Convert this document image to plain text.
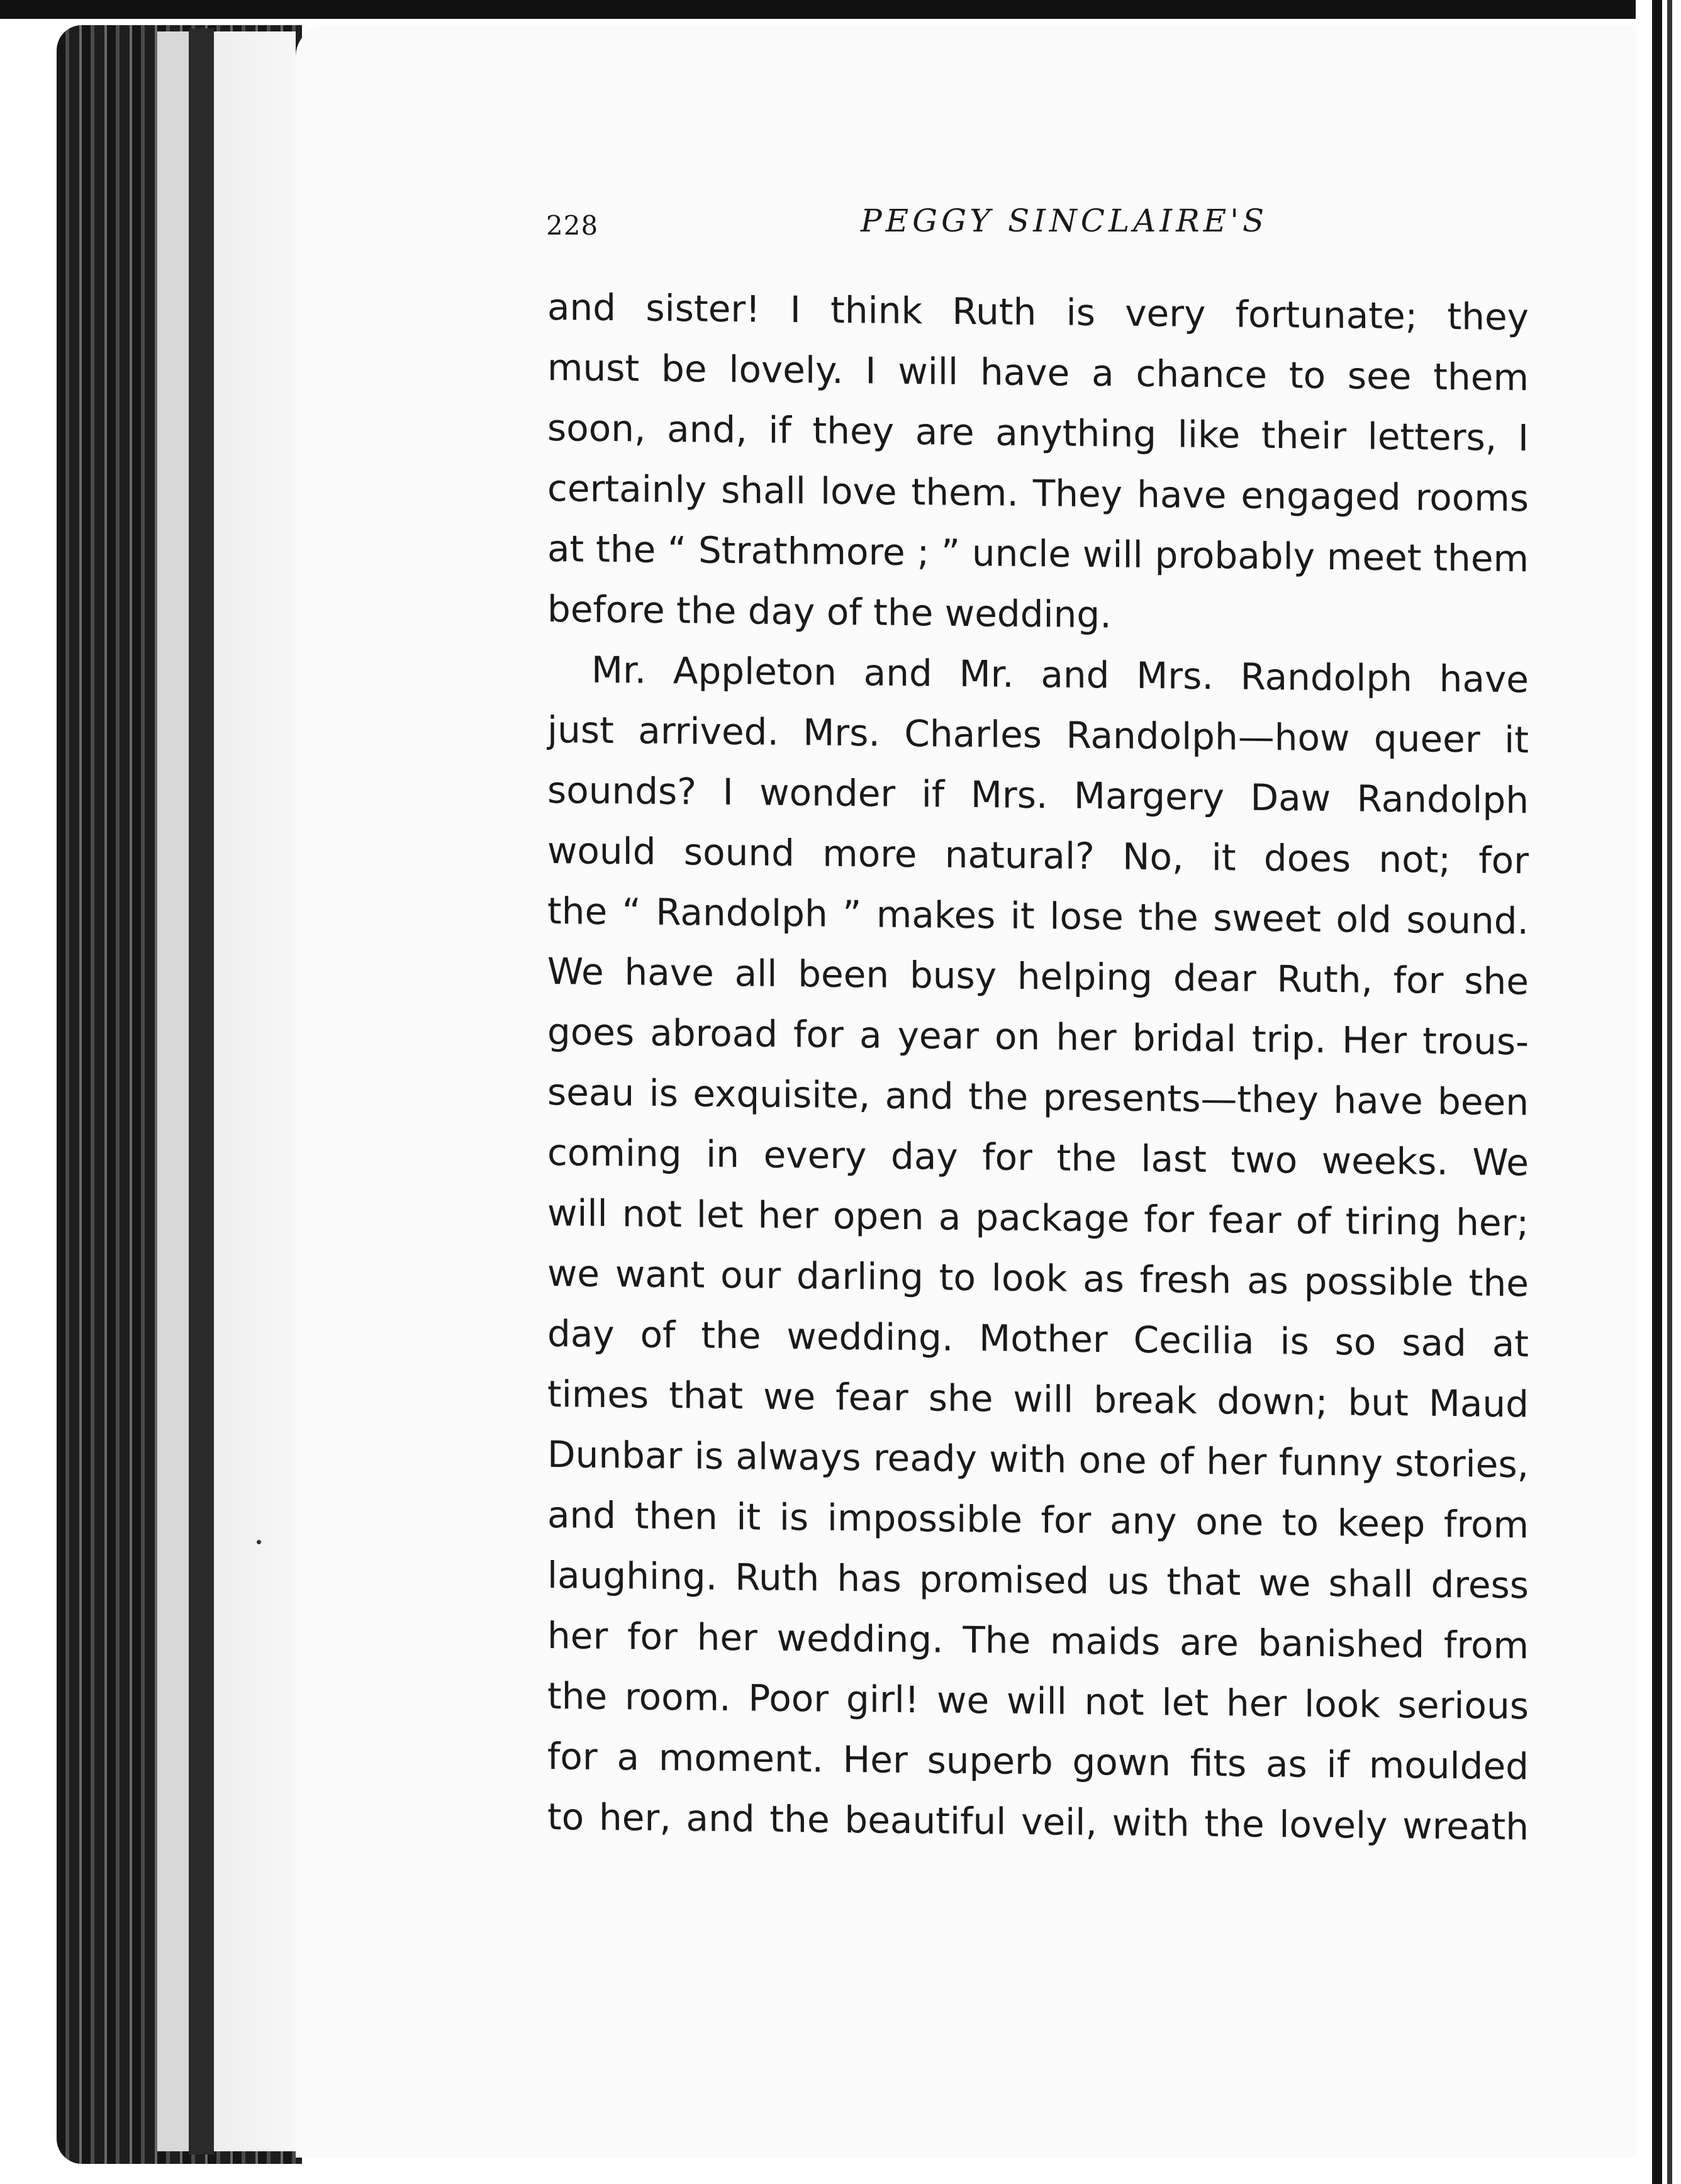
228	PEGGY SINCLAIRE'S
and sister! I think Ruth is very fortunate; they
must be lovely. I will have a chance to see them
soon, and, if they are anything like their letters, I
certainly shall love them. They have engaged rooms
at the “ Strathmore ; ” uncle will probably meet them
before the day of the wedding.
Mr. Appleton and Mr. and Mrs. Randolph have
just arrived. Mrs. Charles Randolph—how queer it
sounds? I wonder if Mrs. Margery Daw Randolph
would sound more natural? No, it does not; for
the “ Randolph ” makes it lose the sweet old sound.
We have all been busy helping dear Ruth, for she
goes abroad for a year on her bridal trip. Her trous-
seau is exquisite, and the presents—they have been
coming in every day for the last two weeks. We
will not let her open a package for fear of tiring her;
we want our darling to look as fresh as possible the
day of the wedding. Mother Cecilia is so sad at
times that we fear she will break down; but Maud
Dunbar is always ready with one of her funny stories,
and then it is impossible for any one to keep from
laughing. Ruth has promised us that we shall dress
her for her wedding. The maids are banished from
the room. Poor girl! we will not let her look serious
for a moment. Her superb gown fits as if moulded
to her, and the beautiful veil, with the lovely wreath
